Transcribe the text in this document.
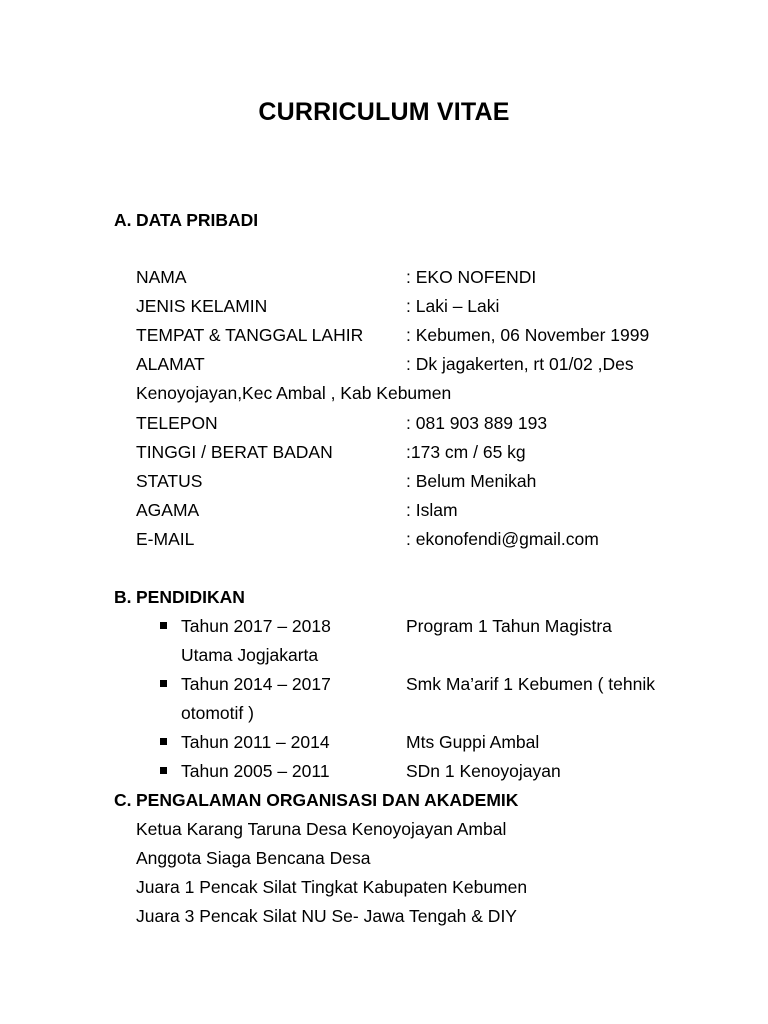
CURRICULUM VITAE
A. DATA PRIBADI
NAMA	: EKO NOFENDI
JENIS KELAMIN	: Laki – Laki
TEMPAT & TANGGAL LAHIR : Kebumen, 06 November 1999
ALAMAT	: Dk jagakerten, rt 01/02 ,Des
Kenoyojayan,Kec Ambal , Kab Kebumen
TELEPON	: 081 903 889 193
TINGGI / BERAT BADAN	:173 cm / 65 kg
STATUS	: Belum Menikah
AGAMA	: Islam
E-MAIL	: ekonofendi@gmail.com
B. PENDIDIKAN
Tahun 2017 – 2018	Program 1 Tahun Magistra
Utama Jogjakarta
Tahun 2014 – 2017	Smk Ma’arif 1 Kebumen ( tehnik
otomotif )
Tahun 2011 – 2014	Mts Guppi Ambal
Tahun 2005 – 2011	SDn 1 Kenoyojayan
C. PENGALAMAN ORGANISASI DAN AKADEMIK
Ketua Karang Taruna Desa Kenoyojayan Ambal
Anggota Siaga Bencana Desa
Juara 1 Pencak Silat Tingkat Kabupaten Kebumen
Juara 3 Pencak Silat NU Se- Jawa Tengah & DIY
